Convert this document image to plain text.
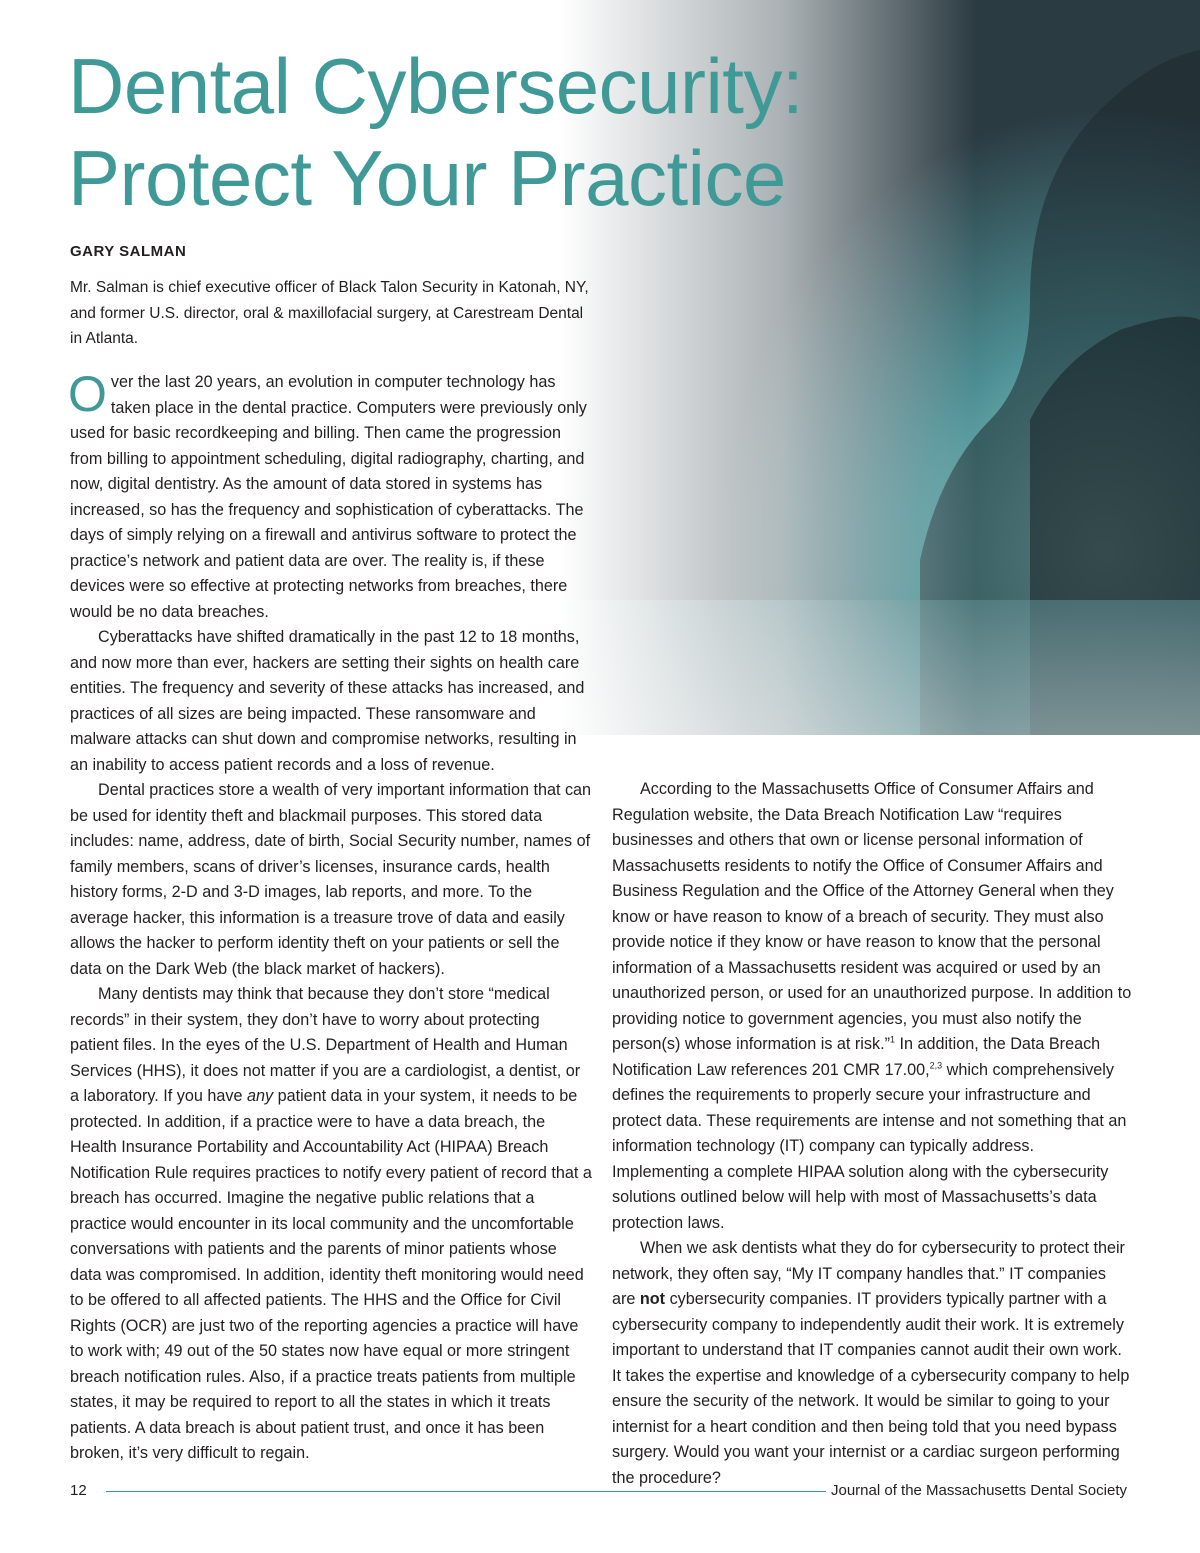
Dental Cybersecurity:
Protect Your Practice

GARY SALMAN

Mr. Salman is chief executive officer of Black Talon Security in Katonah, NY, and former U.S. director, oral & maxillofacial surgery, at Carestream Dental in Atlanta.

Over the last 20 years, an evolution in computer technology has taken place in the dental practice. Computers were previously only used for basic recordkeeping and billing. Then came the progression from billing to appointment scheduling, digital radiography, charting, and now, digital dentistry. As the amount of data stored in systems has increased, so has the frequency and sophistication of cyberattacks. The days of simply relying on a firewall and antivirus software to protect the practice’s network and patient data are over. The reality is, if these devices were so effective at protecting networks from breaches, there would be no data breaches.

Cyberattacks have shifted dramatically in the past 12 to 18 months, and now more than ever, hackers are setting their sights on health care entities. The frequency and severity of these attacks has increased, and practices of all sizes are being impacted. These ransomware and malware attacks can shut down and compromise networks, resulting in an inability to access patient records and a loss of revenue.

Dental practices store a wealth of very important information that can be used for identity theft and blackmail purposes. This stored data includes: name, address, date of birth, Social Security number, names of family members, scans of driver’s licenses, insurance cards, health history forms, 2-D and 3-D images, lab reports, and more. To the average hacker, this information is a treasure trove of data and easily allows the hacker to perform identity theft on your patients or sell the data on the Dark Web (the black market of hackers).

Many dentists may think that because they don’t store “medical records” in their system, they don’t have to worry about protecting patient files. In the eyes of the U.S. Department of Health and Human Services (HHS), it does not matter if you are a cardiologist, a dentist, or a laboratory. If you have any patient data in your system, it needs to be protected. In addition, if a practice were to have a data breach, the Health Insurance Portability and Accountability Act (HIPAA) Breach Notification Rule requires practices to notify every patient of record that a breach has occurred. Imagine the negative public relations that a practice would encounter in its local community and the uncomfortable conversations with patients and the parents of minor patients whose data was compromised. In addition, identity theft monitoring would need to be offered to all affected patients. The HHS and the Office for Civil Rights (OCR) are just two of the reporting agencies a practice will have to work with; 49 out of the 50 states now have equal or more stringent breach notification rules. Also, if a practice treats patients from multiple states, it may be required to report to all the states in which it treats patients. A data breach is about patient trust, and once it has been broken, it’s very difficult to regain.

According to the Massachusetts Office of Consumer Affairs and Regulation website, the Data Breach Notification Law “requires businesses and others that own or license personal information of Massachusetts residents to notify the Office of Consumer Affairs and Business Regulation and the Office of the Attorney General when they know or have reason to know of a breach of security. They must also provide notice if they know or have reason to know that the personal information of a Massachusetts resident was acquired or used by an unauthorized person, or used for an unauthorized purpose. In addition to providing notice to government agencies, you must also notify the person(s) whose information is at risk.”$^1$ In addition, the Data Breach Notification Law references 201 CMR 17.00,$^{2,3}$ which comprehensively defines the requirements to properly secure your infrastructure and protect data. These requirements are intense and not something that an information technology (IT) company can typically address. Implementing a complete HIPAA solution along with the cybersecurity solutions outlined below will help with most of Massachusetts’s data protection laws.

When we ask dentists what they do for cybersecurity to protect their network, they often say, “My IT company handles that.” IT companies are not cybersecurity companies. IT providers typically partner with a cybersecurity company to independently audit their work. It is extremely important to understand that IT companies cannot audit their own work. It takes the expertise and knowledge of a cybersecurity company to help ensure the security of the network. It would be similar to going to your internist for a heart condition and then being told that you need bypass surgery. Would you want your internist or a cardiac surgeon performing the procedure?

12	Journal of the Massachusetts Dental Society
